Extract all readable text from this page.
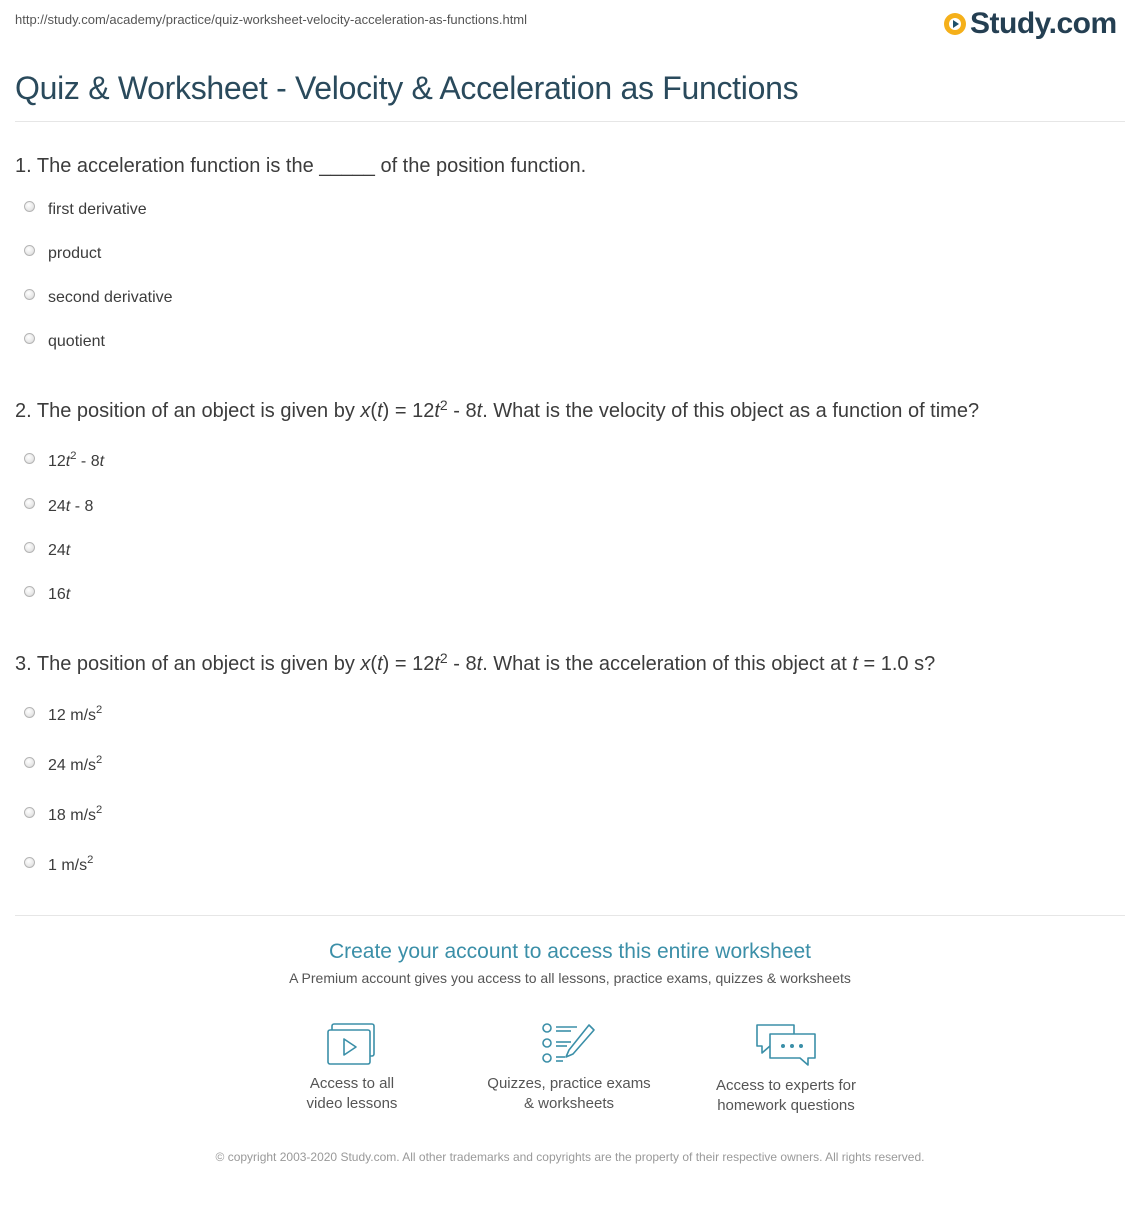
http://study.com/academy/practice/quiz-worksheet-velocity-acceleration-as-functions.html	Study.com
Quiz & Worksheet - Velocity & Acceleration as Functions
1. The acceleration function is the _____ of the position function.
first derivative
product
second derivative
quotient
2. The position of an object is given by $x(t) = 12t^2 - 8t$. What is the velocity of this object as a function of time?
$12t^2 - 8t$
24t - 8
24t
16t
3. The position of an object is given by $x(t) = 12t^2 - 8t$. What is the acceleration of this object at t = 1.0 s?
12 $m/s^2$
24 $m/s^2$
18 $m/s^2$
1 $m/s^2$
Create your account to access this entire worksheet
A Premium account gives you access to all lessons, practice exams, quizzes & worksheets
Access to all
video lessons
Quizzes, practice exams
& worksheets
Access to experts for
homework questions
© copyright 2003-2020 Study.com. All other trademarks and copyrights are the property of their respective owners. All rights reserved.
